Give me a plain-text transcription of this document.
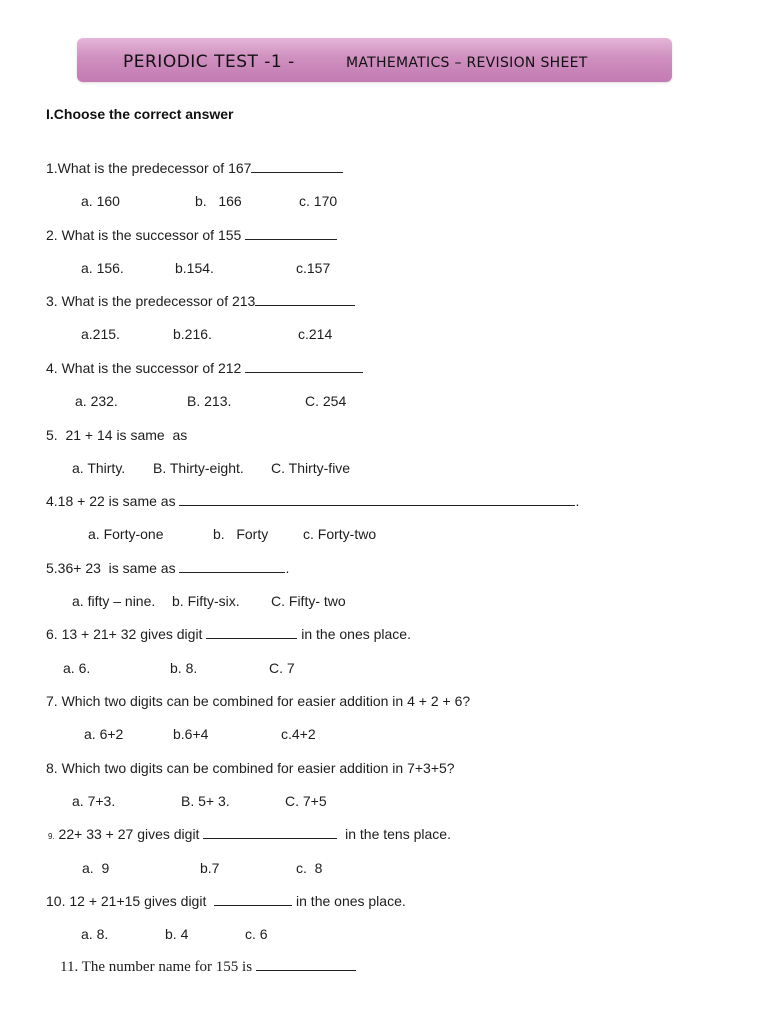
PERIODIC TEST -1 -	MATHEMATICS – REVISION SHEET
I.Choose the correct answer
1.What is the predecessor of 167
a. 160	b.   166	c. 170
2. What is the successor of 155
a. 156.	b.154.	c.157
3. What is the predecessor of 213
a.215.	b.216.	c.214
4. What is the successor of 212
a. 232.	B. 213.	C. 254
5.  21 + 14 is same  as
a. Thirty. B. Thirty-eight. C. Thirty-five
4.18 + 22 is same as	.
a. Forty-one	b.   Forty c. Forty-two
5.36+ 23  is same as	.
a. fifty – nine. b. Fifty-six. C. Fifty- two
6. 13 + 21+ 32 gives digit	in the ones place.
a. 6.	b. 8.	C. 7
7. Which two digits can be combined for easier addition in 4 + 2 + 6?
a. 6+2	b.6+4	c.4+2
8. Which two digits can be combined for easier addition in 7+3+5?
a. 7+3.	B. 5+ 3.	C. 7+5
9. 22+ 33 + 27 gives digit	in the tens place.
a.  9	b.7	c.  8
10. 12 + 21+15 gives digit	in the ones place.
a. 8.	b. 4	c. 6
11. The number name for 155 is
